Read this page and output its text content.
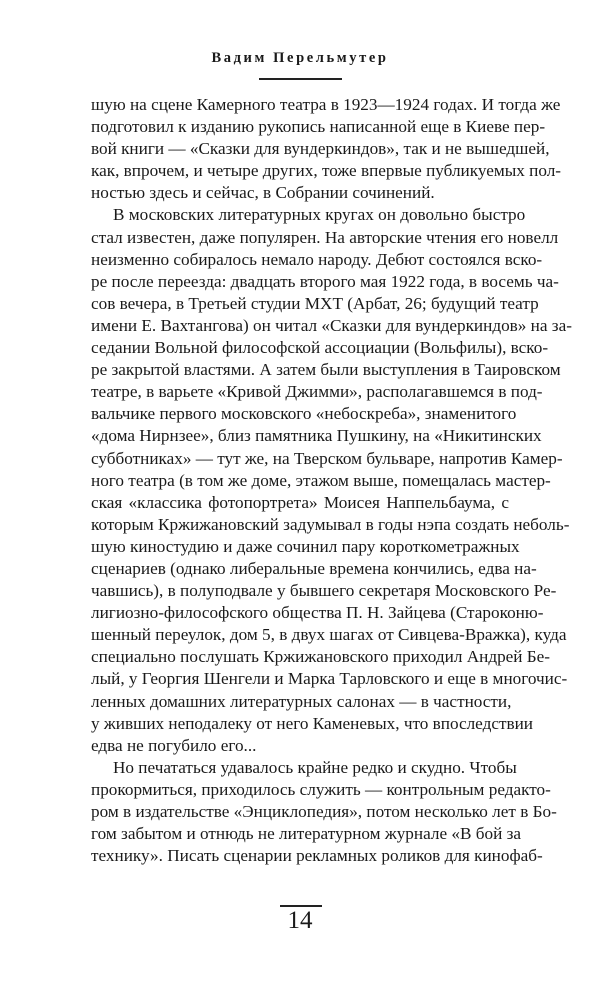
Вадим Перельмутер
шую на сцене Камерного театра в 1923—1924 годах. И тогда же
подготовил к изданию рукопись написанной еще в Киеве пер-
вой книги — «Сказки для вундеркиндов», так и не вышедшей,
как, впрочем, и четыре других, тоже впервые публикуемых пол-
ностью здесь и сейчас, в Собрании сочинений.
В московских литературных кругах он довольно быстро
стал известен, даже популярен. На авторские чтения его новелл
неизменно собиралось немало народу. Дебют состоялся вско-
ре после переезда: двадцать второго мая 1922 года, в восемь ча-
сов вечера, в Третьей студии МХТ (Арбат, 26; будущий театр
имени Е. Вахтангова) он читал «Сказки для вундеркиндов» на за-
седании Вольной философской ассоциации (Вольфилы), вско-
ре закрытой властями. А затем были выступления в Таировском
театре, в варьете «Кривой Джимми», располагавшемся в под-
вальчике первого московского «небоскреба», знаменитого
«дома Нирнзее», близ памятника Пушкину, на «Никитинских
субботниках» — тут же, на Тверском бульваре, напротив Камер-
ного театра (в том же доме, этажом выше, помещалась мастер-
ская «классика фотопортрета» Моисея Наппельбаума, с
которым Кржижановский задумывал в годы нэпа создать неболь-
шую киностудию и даже сочинил пару короткометражных
сценариев (однако либеральные времена кончились, едва на-
чавшись), в полуподвале у бывшего секретаря Московского Ре-
лигиозно-философского общества П. Н. Зайцева (Староконю-
шенный переулок, дом 5, в двух шагах от Сивцева-Вражка), куда
специально послушать Кржижановского приходил Андрей Бе-
лый, у Георгия Шенгели и Марка Тарловского и еще в многочис-
ленных домашних литературных салонах — в частности,
у живших неподалеку от него Каменевых, что впоследствии
едва не погубило его...
Но печататься удавалось крайне редко и скудно. Чтобы
прокормиться, приходилось служить — контрольным редакто-
ром в издательстве «Энциклопедия», потом несколько лет в Бо-
гом забытом и отнюдь не литературном журнале «В бой за
технику». Писать сценарии рекламных роликов для кинофаб-
14
